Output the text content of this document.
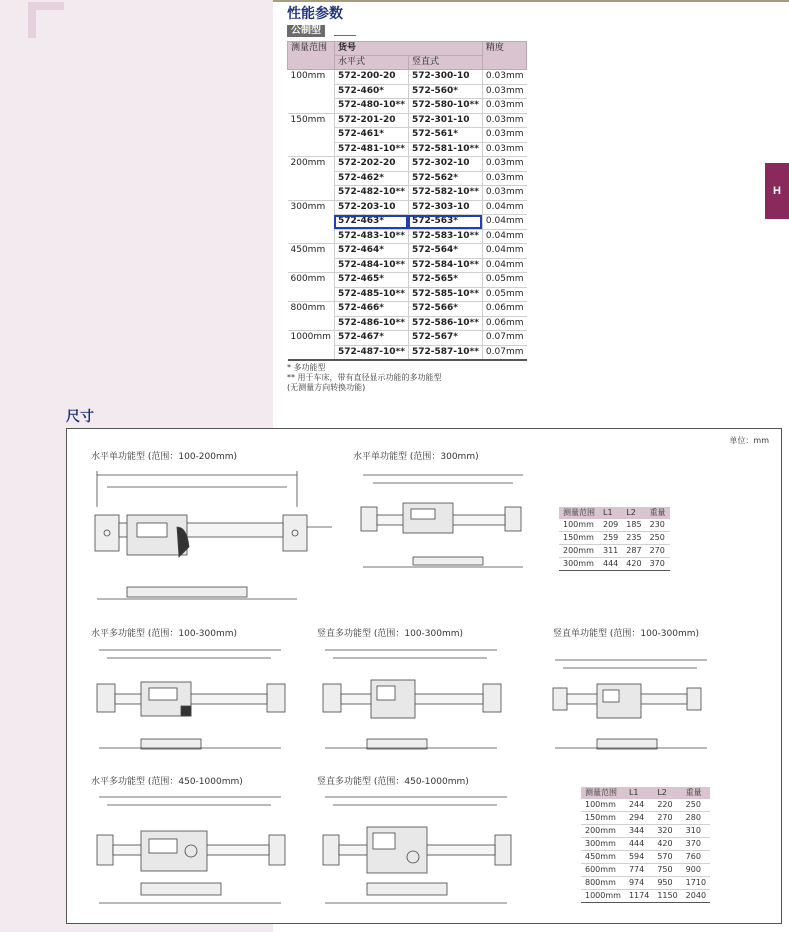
性能参数
公制型
测量范围	货号		精度
	水平式	竖直式	
100mm	572-200-20	572-300-10	0.03mm
	572-460*	572-560*	0.03mm
	572-480-10**	572-580-10**	0.03mm
150mm	572-201-20	572-301-10	0.03mm
	572-461*	572-561*	0.03mm
	572-481-10**	572-581-10**	0.03mm
200mm	572-202-20	572-302-10	0.03mm
	572-462*	572-562*	0.03mm
	572-482-10**	572-582-10**	0.03mm
300mm	572-203-10	572-303-10	0.04mm
	572-463*	572-563*	0.04mm
	572-483-10**	572-583-10**	0.04mm
450mm	572-464*	572-564*	0.04mm
	572-484-10**	572-584-10**	0.04mm
600mm	572-465*	572-565*	0.05mm
	572-485-10**	572-585-10**	0.05mm
800mm	572-466*	572-566*	0.06mm
	572-486-10**	572-586-10**	0.06mm
1000mm	572-467*	572-567*	0.07mm
	572-487-10**	572-587-10**	0.07mm
* 多功能型
** 用于车床，带有直径显示功能的多功能型
(无测量方向转换功能)
尺寸
单位：mm
水平单功能型 (范围：100-200mm)	水平单功能型 (范围：300mm)
水平多功能型 (范围：100-300mm)	竖直多功能型 (范围：100-300mm)	竖直单功能型 (范围：100-300mm)
水平多功能型 (范围：450-1000mm)	竖直多功能型 (范围：450-1000mm)
测量范围	L1	L2	重量
100mm	209	185	230
150mm	259	235	250
200mm	311	287	270
300mm	444	420	370
测量范围	L1	L2	重量
100mm	244	220	250
150mm	294	270	280
200mm	344	320	310
300mm	444	420	370
450mm	594	570	760
600mm	774	750	900
800mm	974	950	1710
1000mm	1174	1150	2040
H
